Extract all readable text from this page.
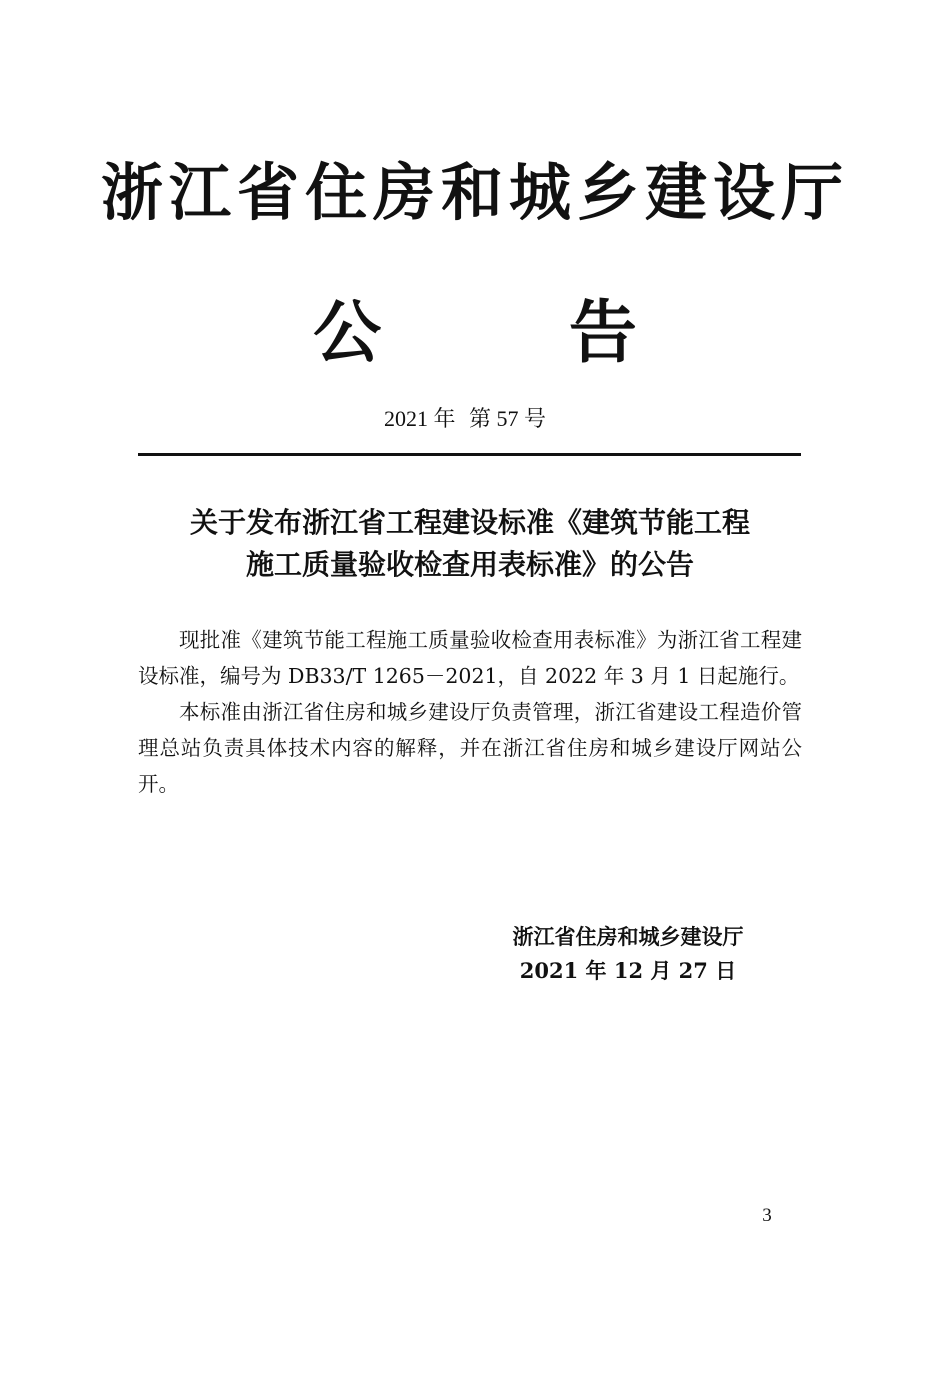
浙江省住房和城乡建设厅
公 告
2021 年 第 57 号
关于发布浙江省工程建设标准《建筑节能工程
施工质量验收检查用表标准》的公告

现批准《建筑节能工程施工质量验收检查用表标准》为浙江省工程建设标准，编号为 DB33/T 1265－2021，自 2022 年 3 月 1 日起施行。

本标准由浙江省住房和城乡建设厅负责管理，浙江省建设工程造价管理总站负责具体技术内容的解释，并在浙江省住房和城乡建设厅网站公开。

浙江省住房和城乡建设厅
2021 年 12 月 27 日
3
